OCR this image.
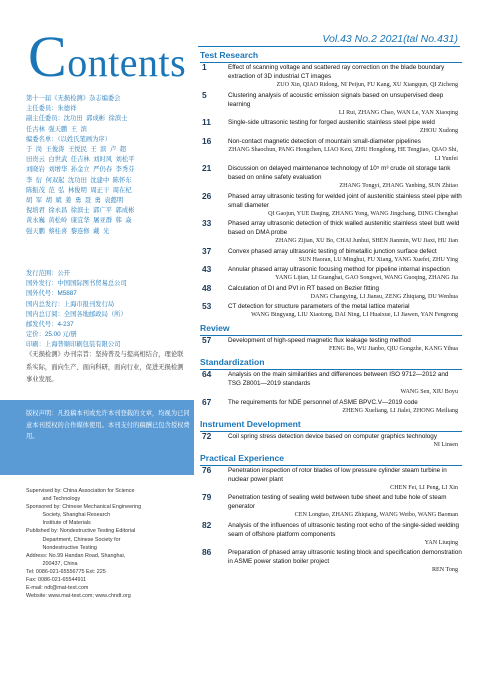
Contents
Vol.43 No.2 2021(tal No.431)
第十一届《无损检测》杂志编委会
主任委员：朱德祥
副主任委员：沈功田  郭成彬  徐滨士
任古林  强天鹏  王  滨
编委名单：（以姓氏笔画为序）
于  岗  王俊涛  王悦民  王  滨  卢  超
田贵云  白世武  任吉林  刘时风  刘松平
刘晓岩  刘增华  孙金立  严仍春  李秀芬
李  衍  何双起  沈功田  沈建中  陈怀东
陈振茂  范  弘  林俊明  周正干  周在杞
胡  军  胡  斌  姜  勇  聂  勇  袁懿明
倪培君  徐永昌  徐滨士  郭广平  郭成彬
黄永巍  黄松岭  康宜华  屠亚群  韩  焱
强天鹏  蔡桂喜  黎连修  戴  光
发行范围：公开
国外发行：中国国际图书贸易总公司
国外代号：M5887
国内总发行：上海市报刊发行局
国内总订阅：全国各地邮政局（所）
邮发代号：4-237
定价：25.00 元/册
印刷：上海普顺印刷包装有限公司
《无损检测》办刊宗旨：坚持普及与提高相结合，理论联系实际，面向生产、面向科研，面向行业，促进无损检测事业发展。
版权声明：凡投稿本刊或允许本刊登载的文章，均视为已同意本刊授权的合作媒体使用。本刊支付的稿酬已包含授权费用。
Supervised by: China Association for Science
and Technology
Sponsored by: Chinese Mechanical Engineering
Society, Shanghai Research
Institute of Materials
Published by: Nondestructive Testing Editorial
Department, Chinese Society for
Nondestructive Testing
Address: No.99 Handan Road, Shanghai,
200437, China
Tel: 0086-021-65556775 Ext: 225
Fax: 0086-021-65544911
E-mail: ndt@mat-test.com
Website: www.mat-test.com; www.chndt.org
Test Research
1	Effect of scanning voltage and scattered ray correction on the blade boundary extraction of 3D industrial CT images
ZUO Xin, QIAO Ridong, NI Peijun, FU Kang, XU Xiangqun, QI Zicheng
5	Clustering analysis of acoustic emission signals based on unsupervised deep learning
LI Rui, ZHANG Chao, WAN Le, YAN Xiaoqing
11	Single-side ultrasonic testing for forged austenitic stainless steel pipe weld
ZHOU Xudong
16	Non-contact magnetic detection of mountain small-diameter pipelines
ZHANG Shaochun, PANG Hongchen, LIAO Kexi, ZHU Hongdong, HE Tengjiao, QIAO Shi, LI Yunfei
21	Discussion on delayed maintenance technology of 10⁵ m³ crude oil storage tank based on online safety evaluation
ZHANG Tongyi, ZHANG Yanbing, SUN Zhitao
26	Phased array ultrasonic testing for welded joint of austenitic stainless steel pipe with small diameter
QI Gaojun, YUE Daqing, ZHANG Yong, WANG Jingchang, DING Chenghai
33	Phased array ultrasonic detection of thick walled austenitic stainless steel butt weld based on DMA probe
ZHANG Zijian, XU Bo, CHAI Junhui, SHEN Jianmin, WU Jiaxi, HU Jian
37	Convex phased array ultrasonic testing of bimetallic junction surface defect
SUN Haoran, LU Minghui, FU Xiang, YANG Xuefei, ZHU Ying
43	Annular phased array ultrasonic focusing method for pipeline internal inspection
YANG Lijian, LI Guanghai, GAO Songwei, WANG Guoqing, ZHANG Jia
48	Calculation of DI and PVI in RT based on Bezier fitting
DANG Changying, LI Jiansu, ZENG Zhiqiang, DU Wenhua
53	CT detection for structure parameters of the metal lattice material
WANG Bingyang, LIU Xiaotong, DAI Ning, LI Huaixue, LI Jiawen, YAN Fengrong
Review
57	Development of high-speed magnetic flux leakage testing method
FENG Bo, WU Jianbo, QIU Gongzhe, KANG Yihua
Standardization
64	Analysis on the main similarities and differences between ISO 9712—2012 and TSG Z8001—2019 standards
WANG Sen, XIU Boyu
67	The requirements for NDE personnel of ASME BPVC.V—2019 code
ZHENG Xueliang, LI Jialei, ZHONG Meiliang
Instrument Development
72	Coil spring stress detection device based on computer graphics technology
NI Linsen
Practical Experience
76	Penetration inspection of rotor blades of low pressure cylinder steam turbine in nuclear power plant
CHEN Fei, LI Peng, LI Xin
79	Penetration testing of sealing weld between tube sheet and tube hole of steam generator
CEN Longtao, ZHANG Zhiqiang, WANG Weibo, WANG Baoman
82	Analysis of the influences of ultrasonic testing root echo of the single-sided welding seam of offshore platform components
YAN Liuqing
86	Preparation of phased array ultrasonic testing block and specification demonstration in ASME power station boiler project
REN Tong
